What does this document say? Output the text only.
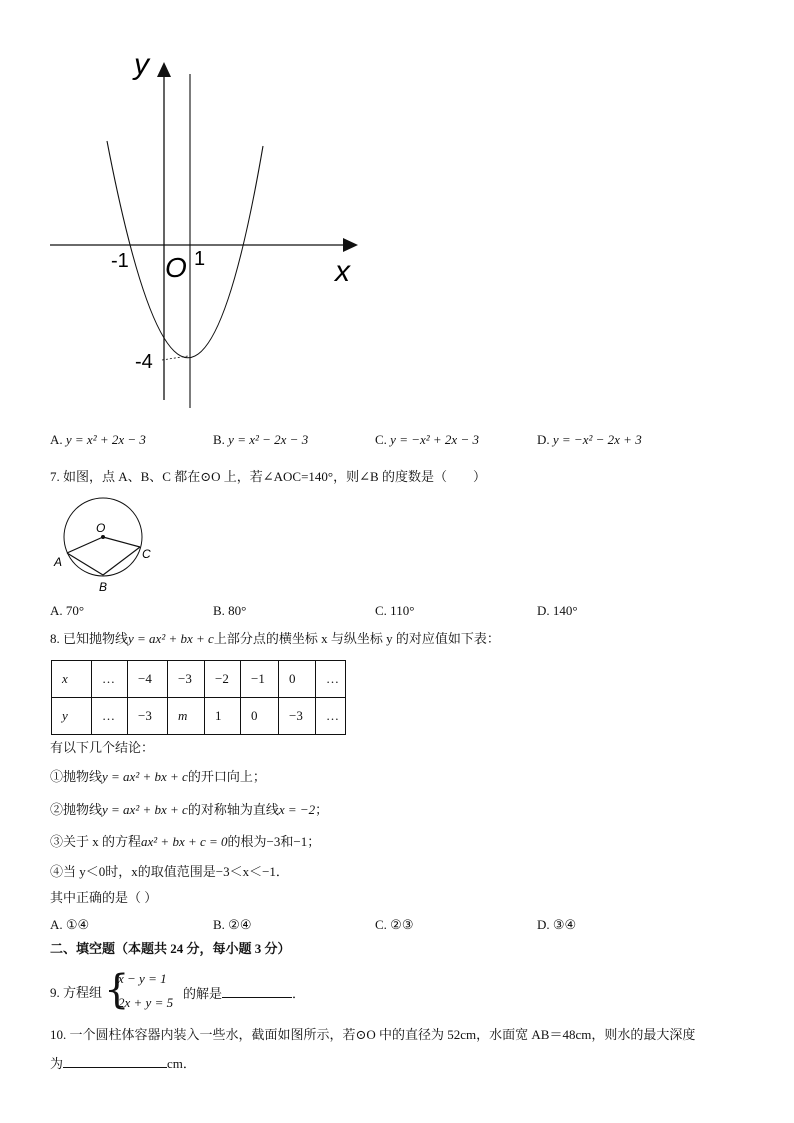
y
x
O
-1	1
-4
A. y = x² + 2x − 3	B. y = x² − 2x − 3	C. y = −x² + 2x − 3	D. y = −x² − 2x + 3
7. 如图，点 A、B、C 都在⊙O 上，若∠AOC=140°，则∠B 的度数是（　　）
O
A
B
C
A. 70°	B. 80°	C. 110°	D. 140°
8. 已知抛物线y = ax² + bx + c上部分点的横坐标 x 与纵坐标 y 的对应值如下表：
x	…	−4	−3	−2	−1	0	…
y	…	−3	m	1	0	−3	…
有以下几个结论：
①抛物线y = ax² + bx + c的开口向上；
②抛物线y = ax² + bx + c的对称轴为直线x = −2；
③关于 x 的方程ax² + bx + c = 0的根为−3和−1；
④当 y＜0时，x的取值范围是−3＜x＜−1．
其中正确的是（ ）
A. ①④	B. ②④	C. ②③	D. ③④
二、填空题（本题共 24 分，每小题 3 分）
9. 方程组 {
x − y = 1
2x + y = 5
的解是	．
10. 一个圆柱体容器内装入一些水，截面如图所示，若⊙O 中的直径为 52cm，水面宽 AB＝48cm，则水的最大深度
为	cm．
